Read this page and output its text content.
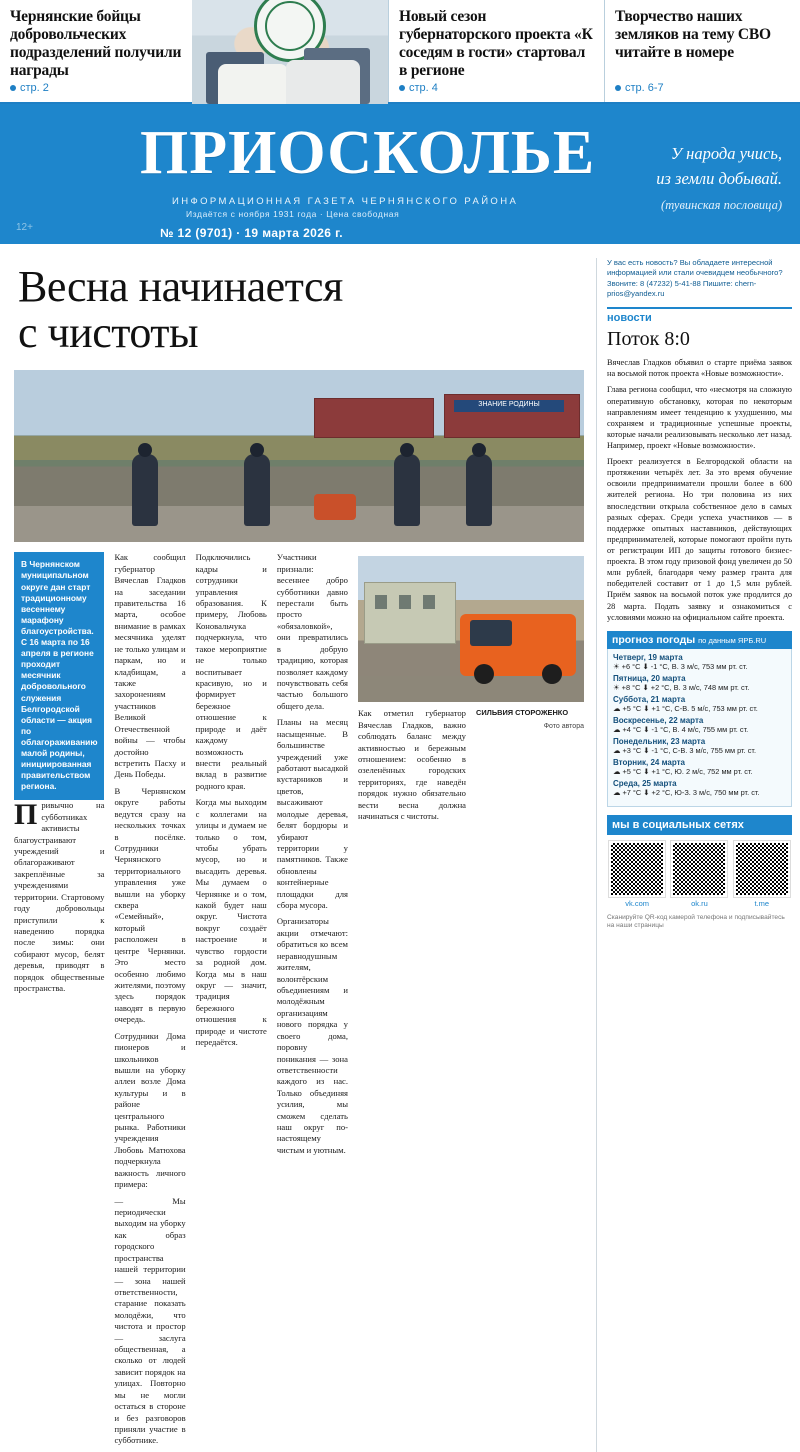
Чернянские бойцы добровольческих подразделений получили награды
стр. 2
Новый сезон губернаторского проекта «К соседям в гости» стартовал в регионе
стр. 4
Творчество наших земляков на тему СВО читайте в номере
стр. 6-7
12+
ПРИОСКОЛЬЕ
ИНФОРМАЦИОННАЯ ГАЗЕТА ЧЕРНЯНСКОГО РАЙОНА
Издаётся с ноября 1931 года · Цена свободная
№ 12 (9701) · 19 марта 2026 г.
У народа учись,
из земли добывай.
(тувинская пословица)
Весна начинается
с чистоты
ЗНАНИЕ РОДИНЫ
В Чернянском муниципальном округе дан старт традиционному весеннему марафону благоустройства. С 16 марта по 16 апреля в регионе проходит месячник добровольного служения Белгородской области — акция по облагораживанию малой родины, инициированная правительством региона.

Привычно на субботниках активисты благоустраивают учреждений и облагораживают закреплённые за учреждениями территории. Стартовому году добровольцы приступили к наведению порядка после зимы: они собирают мусор, белят деревья, приводят в порядок общественные пространства.

Как сообщил губернатор Вячеслав Гладков на заседании правительства 16 марта, особое внимание в рамках месячника уделят не только улицам и паркам, но и кладбищам, а также захоронениям участников Великой Отечественной войны — чтобы достойно встретить Пасху и День Победы.

В Чернянском округе работы ведутся сразу на нескольких точках в посёлке. Сотрудники Чернянского территориального управления уже вышли на уборку сквера «Семейный», который расположен в центре Чернянки. Это место особенно любимо жителями, поэтому здесь порядок наводят в первую очередь.

Сотрудники Дома пионеров и школьников вышли на уборку аллеи возле Дома культуры и в районе центрального рынка. Работники учреждения Любовь Матюхова подчеркнула важность личного примера:

— Мы периодически выходим на уборку как образ городского пространства нашей территории — зона нашей ответственности, старание показать молодёжи, что чистота и простор — заслуга общественная, а сколько от людей зависит порядок на улицах. Повторно мы не могли остаться в стороне и без разговоров приняли участие в субботнике.

Подключились кадры и сотрудники управления образования. К примеру, Любовь Коновальчука подчеркнула, что такое мероприятие не только воспитывает красивую, но и формирует бережное отношение к природе и даёт каждому возможность внести реальный вклад в развитие родного края.

Когда мы выходим с коллегами на улицы и думаем не только о том, чтобы убрать мусор, но и высадить деревья. Мы думаем о Чернянке и о том, какой будет наш округ. Чистота вокруг создаёт настроение и чувство гордости за родной дом. Когда мы в наш округ — значит, традиция бережного отношения к природе и чистоте передаётся.

Участники признали: весеннее добро субботники давно перестали быть просто «обязаловкой», они превратились в добрую традицию, которая позволяет каждому почувствовать себя частью большого общего дела.

Планы на месяц насыщенные. В большинстве учреждений уже работают высадкой кустарников и цветов, высаживают молодые деревья, белят бордюры и убирают территории у памятников. Также обновлены контейнерные площадки для сбора мусора.

Организаторы акции отмечают: обратиться ко всем неравнодушным жителям, волонтёрским объединениям и молодёжным организациям нового порядка у своего дома, поровну поникания — зона ответственности каждого из нас. Только объединяя усилия, мы сможем сделать наш округ по-настоящему чистым и уютным.

Как отметил губернатор Вячеслав Гладков, важно соблюдать баланс между активностью и бережным отношением: особенно в озеленённых городских территориях, где наведён порядок нужно обязательно вести весна должна начинаться с чистоты.

СИЛЬВИЯ СТОРОЖЕНКО

Фото автора
У вас есть новость? Вы обладаете интересной информацией или стали очевидцем необычного? Звоните: 8 (47232) 5-41-88 Пишите: chern-prios@yandex.ru
новости
Поток 8:0

Вячеслав Гладков объявил о старте приёма заявок на восьмой поток проекта «Новые возможности».

Глава региона сообщил, что «несмотря на сложную оперативную обстановку, которая по некоторым направлениям имеет тенденцию к ухудшению, мы сохраняем и традиционные успешные проекты, которые начали реализовывать несколько лет назад. Например, проект «Новые возможности».

Проект реализуется в Белгородской области на протяжении четырёх лет. За это время обучение освоили предприниматели прошли более в 600 жителей региона. Но три половина из них впоследствии открыла собственное дело в самых разных сферах. Среди успеха участников — в поддержке опытных наставников, действующих предпринимателей, которые помогают пройти путь от регистрации ИП до защиты готового бизнес-проекта. В этом году призовой фонд увеличен до 50 млн рублей, благодаря чему размер гранта для победителей составит от 1 до 1,5 млн рублей. Приём заявок на восьмой поток уже продлится до 28 марта. Подать заявку и ознакомиться с условиями можно на официальном сайте проекта.

прогноз погоды по данным ЯРБ.RU
Четверг, 19 марта
☀ +6 °C ⬇ -1 °C, В. 3 м/с, 753 мм рт. ст.
Пятница, 20 марта
☀ +8 °C ⬇ +2 °C, В. 3 м/с, 748 мм рт. ст.
Суббота, 21 марта
☁ +5 °C ⬇ +1 °C, С-В. 5 м/с, 753 мм рт. ст.
Воскресенье, 22 марта
☁ +4 °C ⬇ -1 °C, В. 4 м/с, 755 мм рт. ст.
Понедельник, 23 марта
☁ +3 °C ⬇ -1 °C, С-В. 3 м/с, 755 мм рт. ст.
Вторник, 24 марта
☁ +5 °C ⬇ +1 °C, Ю. 2 м/с, 752 мм рт. ст.
Среда, 25 марта
☁ +7 °C ⬇ +2 °C, Ю-З. 3 м/с, 750 мм рт. ст.
мы в социальных сетях
vk.com	ok.ru	t.me
Сканируйте QR-код камерой телефона и подписывайтесь на наши страницы
